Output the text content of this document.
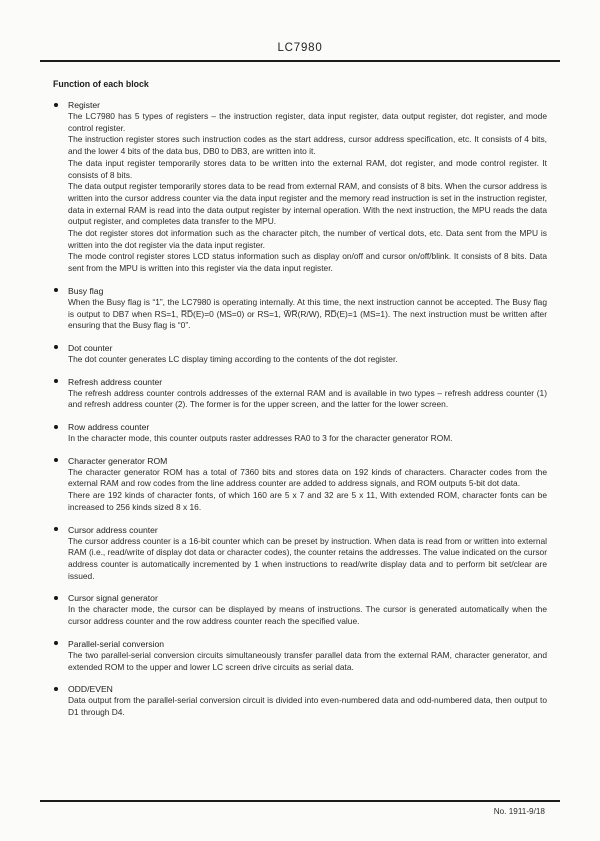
LC7980
Function of each block
Register

The LC7980 has 5 types of registers – the instruction register, data input register, data output register, dot register, and mode control register.

The instruction register stores such instruction codes as the start address, cursor address specification, etc. It consists of 4 bits, and the lower 4 bits of the data bus, DB0 to DB3, are written into it.

The data input register temporarily stores data to be written into the external RAM, dot register, and mode control register. It consists of 8 bits.

The data output register temporarily stores data to be read from external RAM, and consists of 8 bits. When the cursor address is written into the cursor address counter via the data input register and the memory read instruction is set in the instruction register, data in external RAM is read into the data output register by internal operation. With the next instruction, the MPU reads the data output register, and completes data transfer to the MPU.

The dot register stores dot information such as the character pitch, the number of vertical dots, etc. Data sent from the MPU is written into the dot register via the data input register.

The mode control register stores LCD status information such as display on/off and cursor on/off/blink. It consists of 8 bits. Data sent from the MPU is written into this register via the data input register.

Busy flag

When the Busy flag is “1”, the LC7980 is operating internally. At this time, the next instruction cannot be accepted. The Busy flag is output to DB7 when RS=1, R̅D̅(E)=0 (MS=0) or RS=1, W̅R̅(R/W), R̅D̅(E)=1 (MS=1). The next instruction must be written after ensuring that the Busy flag is “0”.

Dot counter

The dot counter generates LC display timing according to the contents of the dot register.

Refresh address counter

The refresh address counter controls addresses of the external RAM and is available in two types – refresh address counter (1) and refresh address counter (2). The former is for the upper screen, and the latter for the lower screen.

Row address counter

In the character mode, this counter outputs raster addresses RA0 to 3 for the character generator ROM.

Character generator ROM

The character generator ROM has a total of 7360 bits and stores data on 192 kinds of characters. Character codes from the external RAM and row codes from the line address counter are added to address signals, and ROM outputs 5-bit dot data.

There are 192 kinds of character fonts, of which 160 are 5 x 7 and 32 are 5 x 11, With extended ROM, character fonts can be increased to 256 kinds sized 8 x 16.

Cursor address counter

The cursor address counter is a 16-bit counter which can be preset by instruction. When data is read from or written into external RAM (i.e., read/write of display dot data or character codes), the counter retains the addresses. The value indicated on the cursor address counter is automatically incremented by 1 when instructions to read/write display data and to perform bit set/clear are issued.

Cursor signal generator

In the character mode, the cursor can be displayed by means of instructions. The cursor is generated automatically when the cursor address counter and the row address counter reach the specified value.

Parallel-serial conversion

The two parallel-serial conversion circuits simultaneously transfer parallel data from the external RAM, character generator, and extended ROM to the upper and lower LC screen drive circuits as serial data.

ODD/EVEN

Data output from the parallel-serial conversion circuit is divided into even-numbered data and odd-numbered data, then output to D1 through D4.

No. 1911-9/18
